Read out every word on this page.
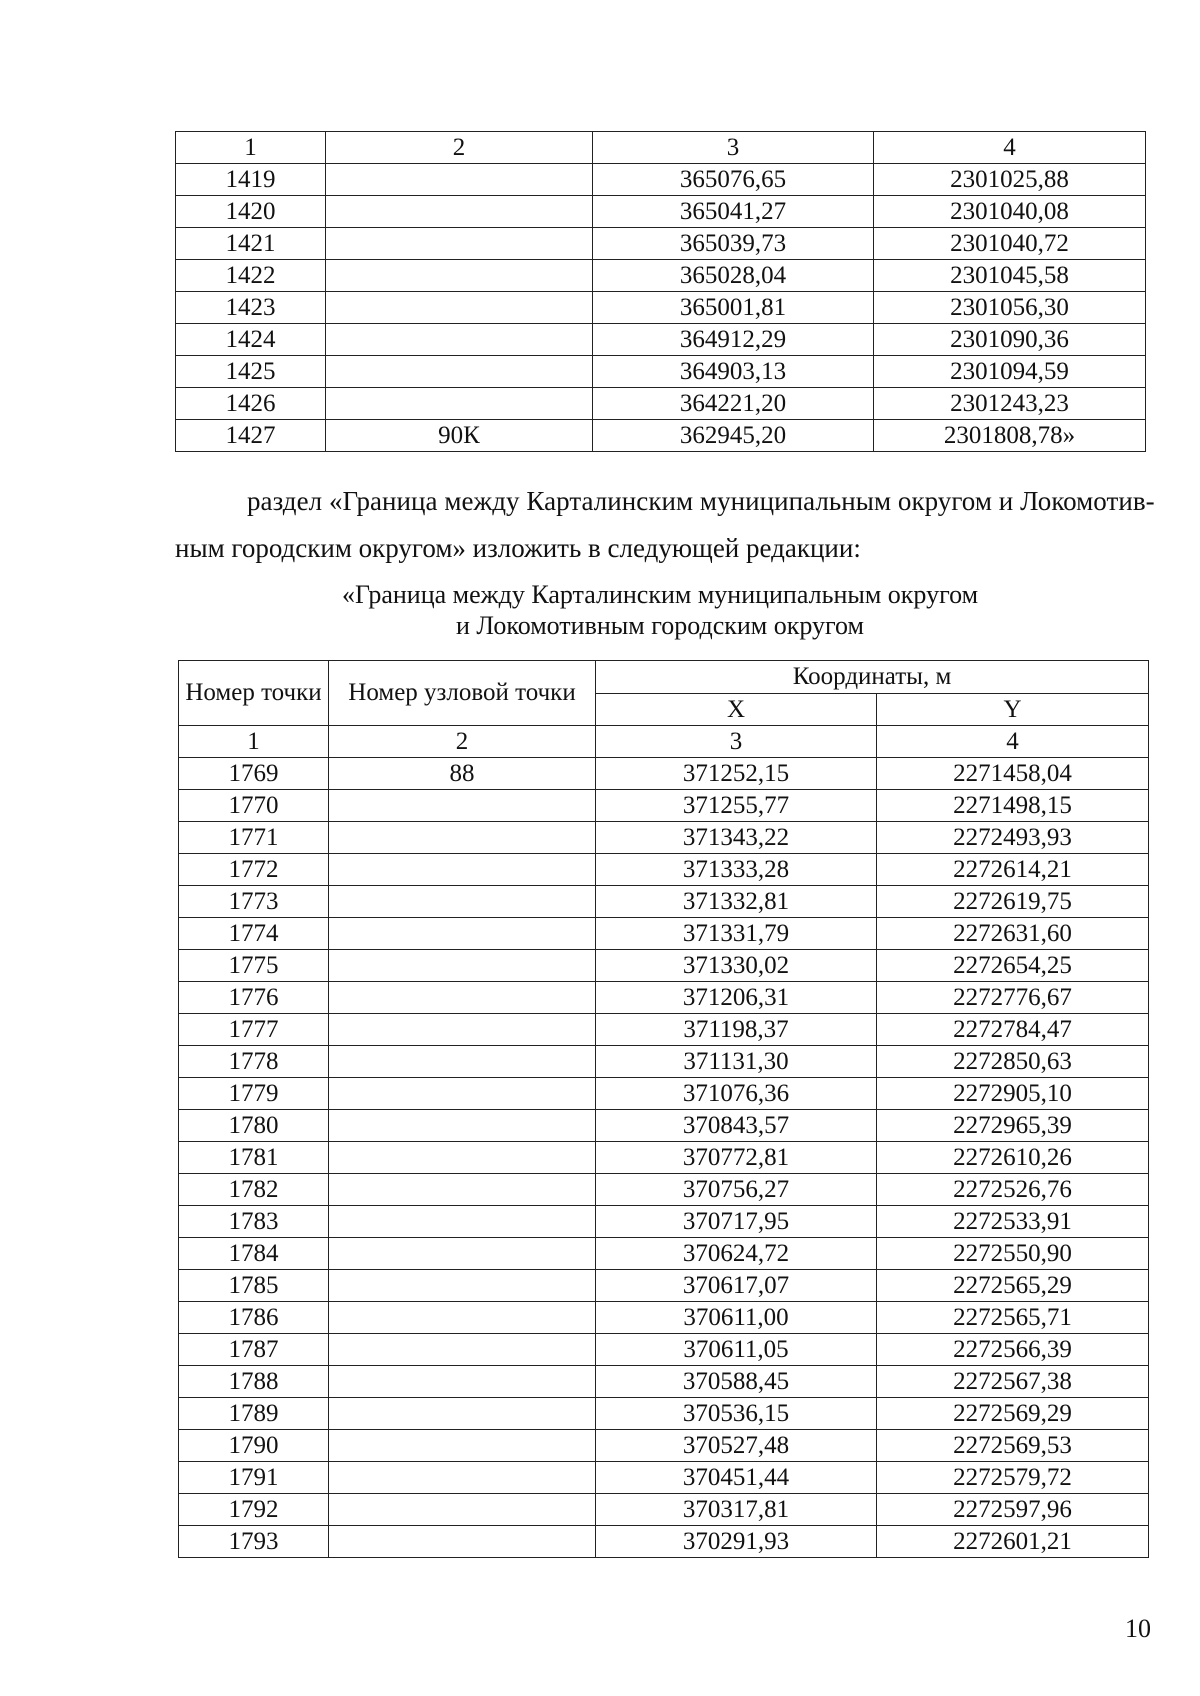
1	2	3	4
1419		365076,65	2301025,88
1420		365041,27	2301040,08
1421		365039,73	2301040,72
1422		365028,04	2301045,58
1423		365001,81	2301056,30
1424		364912,29	2301090,36
1425		364903,13	2301094,59
1426		364221,20	2301243,23
1427	90К	362945,20	2301808,78»
раздел «Граница между Карталинским муниципальным округом и Локомотив-
ным городским округом» изложить в следующей редакции:
«Граница между Карталинским муниципальным округом
и Локомотивным городским округом
Номер точки	Номер узловой точки	Координаты, м	
		X	Y
1	2	3	4
1769	88	371252,15	2271458,04
1770		371255,77	2271498,15
1771		371343,22	2272493,93
1772		371333,28	2272614,21
1773		371332,81	2272619,75
1774		371331,79	2272631,60
1775		371330,02	2272654,25
1776		371206,31	2272776,67
1777		371198,37	2272784,47
1778		371131,30	2272850,63
1779		371076,36	2272905,10
1780		370843,57	2272965,39
1781		370772,81	2272610,26
1782		370756,27	2272526,76
1783		370717,95	2272533,91
1784		370624,72	2272550,90
1785		370617,07	2272565,29
1786		370611,00	2272565,71
1787		370611,05	2272566,39
1788		370588,45	2272567,38
1789		370536,15	2272569,29
1790		370527,48	2272569,53
1791		370451,44	2272579,72
1792		370317,81	2272597,96
1793		370291,93	2272601,21
10
